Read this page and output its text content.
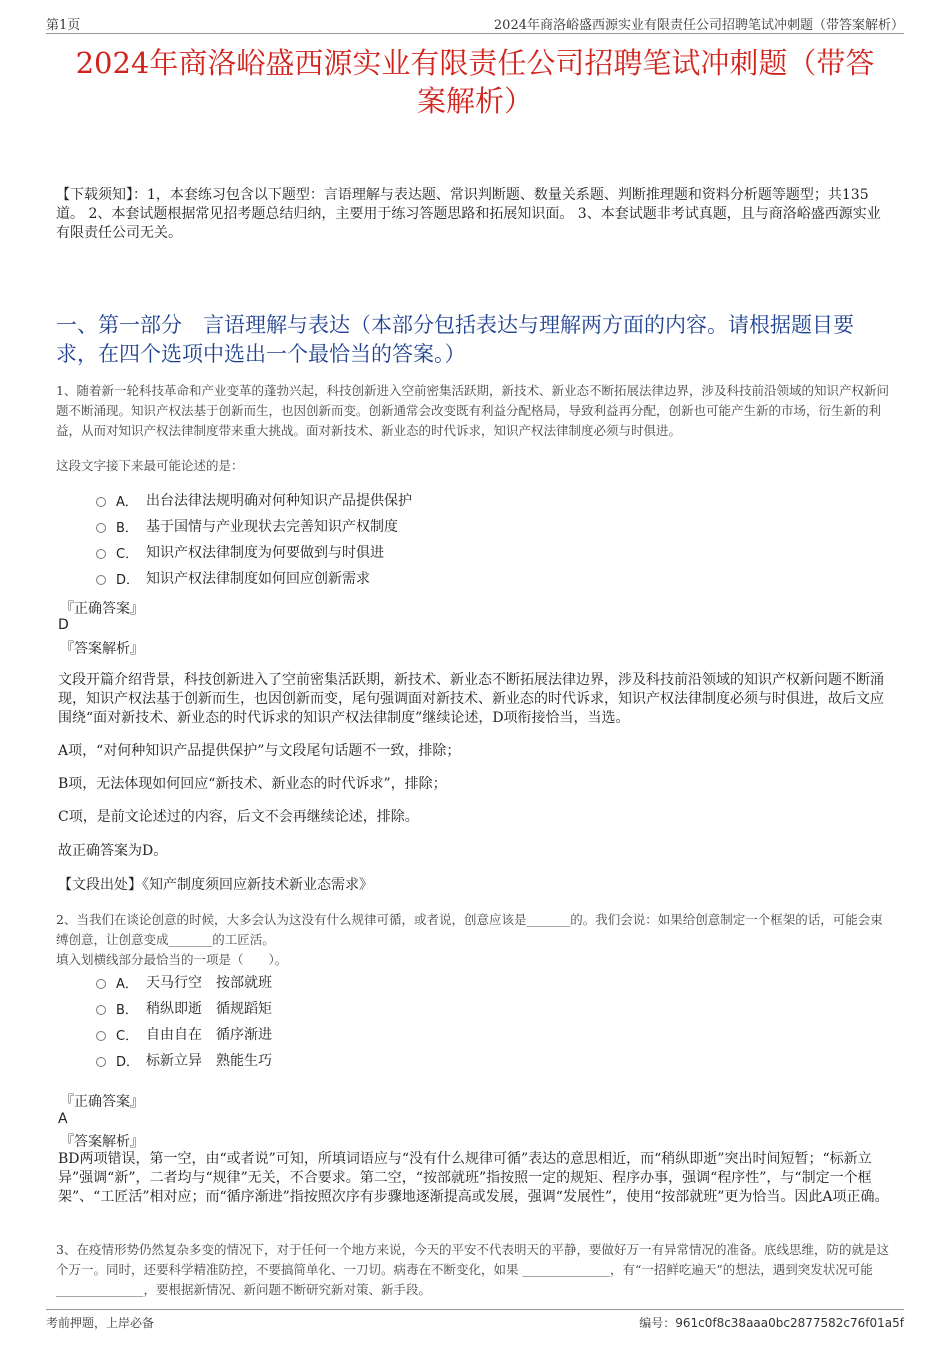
第1页	2024年商洛峪盛西源实业有限责任公司招聘笔试冲刺题（带答案解析）
2024年商洛峪盛西源实业有限责任公司招聘笔试冲刺题（带答
案解析）
【下载须知】：1，本套练习包含以下题型：言语理解与表达题、常识判断题、数量关系题、判断推理题和资料分析题等题型；共135道。 2、本套试题根据常见招考题总结归纳，主要用于练习答题思路和拓展知识面。 3、本套试题非考试真题，且与商洛峪盛西源实业有限责任公司无关。
一、第一部分　言语理解与表达（本部分包括表达与理解两方面的内容。请根据题目要求，在四个选项中选出一个最恰当的答案。）
1、随着新一轮科技革命和产业变革的蓬勃兴起，科技创新进入空前密集活跃期，新技术、新业态不断拓展法律边界，涉及科技前沿领域的知识产权新问题不断涌现。知识产权法基于创新而生，也因创新而变。创新通常会改变既有利益分配格局，导致利益再分配，创新也可能产生新的市场，衍生新的利益，从而对知识产权法律制度带来重大挑战。面对新技术、新业态的时代诉求，知识产权法律制度必须与时俱进。
这段文字接下来最可能论述的是：
A． 出台法律法规明确对何种知识产品提供保护
B． 基于国情与产业现状去完善知识产权制度
C． 知识产权法律制度为何要做到与时俱进
D． 知识产权法律制度如何回应创新需求
『正确答案』
D
『答案解析』
文段开篇介绍背景，科技创新进入了空前密集活跃期，新技术、新业态不断拓展法律边界，涉及科技前沿领域的知识产权新问题不断涌现，知识产权法基于创新而生，也因创新而变，尾句强调面对新技术、新业态的时代诉求，知识产权法律制度必须与时俱进，故后文应围绕“面对新技术、新业态的时代诉求的知识产权法律制度”继续论述，D项衔接恰当，当选。
A项，“对何种知识产品提供保护”与文段尾句话题不一致，排除；
B项，无法体现如何回应“新技术、新业态的时代诉求”，排除；
C项，是前文论述过的内容，后文不会再继续论述，排除。
故正确答案为D。
【文段出处】《知产制度须回应新技术新业态需求》
2、当我们在谈论创意的时候，大多会认为这没有什么规律可循，或者说，创意应该是_______的。我们会说：如果给创意制定一个框架的话，可能会束缚创意，让创意变成_______的工匠活。
填入划横线部分最恰当的一项是（　　）。
A． 天马行空　按部就班
B． 稍纵即逝　循规蹈矩
C． 自由自在　循序渐进
D． 标新立异　熟能生巧
『正确答案』
A
『答案解析』
BD两项错误，第一空，由“或者说”可知，所填词语应与“没有什么规律可循”表达的意思相近，而“稍纵即逝”突出时间短暂；“标新立异”强调“新”，二者均与“规律”无关，不合要求。第二空，“按部就班”指按照一定的规矩、程序办事，强调“程序性”，与“制定一个框架”、“工匠活”相对应；而“循序渐进”指按照次序有步骤地逐渐提高或发展，强调“发展性”，使用“按部就班”更为恰当。因此A项正确。
3、在疫情形势仍然复杂多变的情况下，对于任何一个地方来说，今天的平安不代表明天的平静，要做好万一有异常情况的准备。底线思维，防的就是这个万一。同时，还要科学精准防控，不要搞简单化、一刀切。病毒在不断变化，如果 ______________，有“一招鲜吃遍天”的想法，遇到突发状况可能 ______________，要根据新情况、新问题不断研究新对策、新手段。
考前押题，上岸必备	编号：961c0f8c38aaa0bc2877582c76f01a5f
